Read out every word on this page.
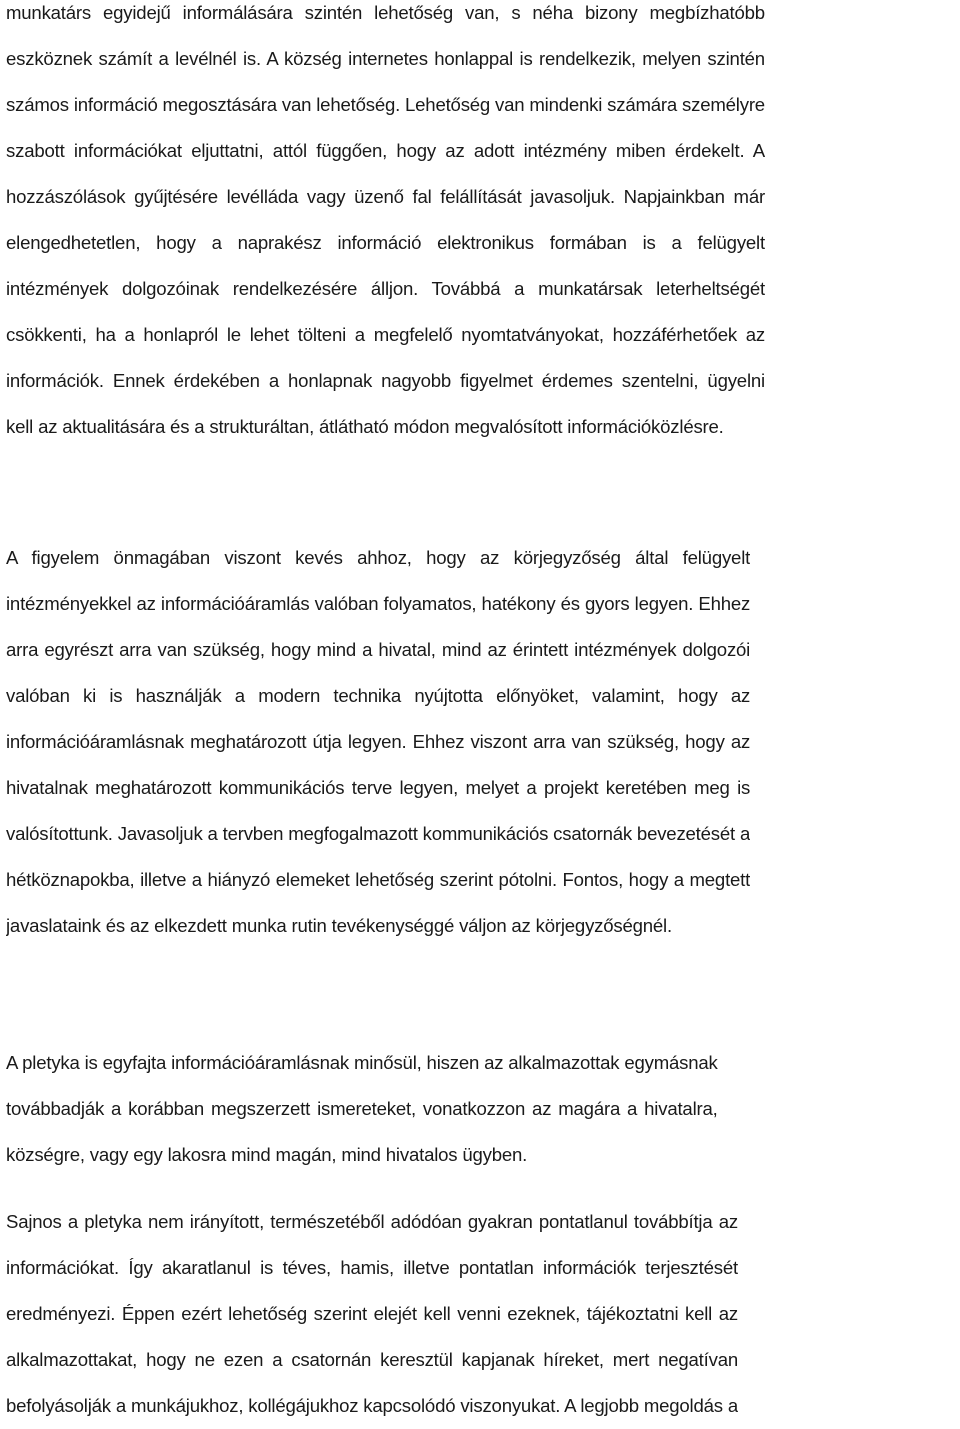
munkatárs egyidejű informálására szintén lehetőség van, s néha bizony megbízhatóbb
eszköznek számít a levélnél is. A község internetes honlappal is rendelkezik, melyen szintén
számos információ megosztására van lehetőség. Lehetőség van mindenki számára személyre
szabott információkat eljuttatni, attól függően, hogy az adott intézmény miben érdekelt. A
hozzászólások gyűjtésére levélláda vagy üzenő fal felállítását javasoljuk. Napjainkban már
elengedhetetlen, hogy a naprakész információ elektronikus formában is a felügyelt
intézmények dolgozóinak rendelkezésére álljon. Továbbá a munkatársak leterheltségét
csökkenti, ha a honlapról le lehet tölteni a megfelelő nyomtatványokat, hozzáférhetőek az
információk. Ennek érdekében a honlapnak nagyobb figyelmet érdemes szentelni, ügyelni
kell az aktualitására és a strukturáltan, átlátható módon megvalósított információközlésre.
A figyelem önmagában viszont kevés ahhoz, hogy az körjegyzőség által felügyelt
intézményekkel az információáramlás valóban folyamatos, hatékony és gyors legyen. Ehhez
arra egyrészt arra van szükség, hogy mind a hivatal, mind az érintett intézmények dolgozói
valóban ki is használják a modern technika nyújtotta előnyöket, valamint, hogy az
információáramlásnak meghatározott útja legyen. Ehhez viszont arra van szükség, hogy az
hivatalnak meghatározott kommunikációs terve legyen, melyet a projekt keretében meg is
valósítottunk. Javasoljuk a tervben megfogalmazott kommunikációs csatornák bevezetését a
hétköznapokba, illetve a hiányzó elemeket lehetőség szerint pótolni. Fontos, hogy a megtett
javaslataink és az elkezdett munka rutin tevékenységgé váljon az körjegyzőségnél.
A pletyka is egyfajta információáramlásnak minősül, hiszen az alkalmazottak egymásnak
továbbadják a korábban megszerzett ismereteket, vonatkozzon az magára a hivatalra,
községre, vagy egy lakosra mind magán, mind hivatalos ügyben.
Sajnos a pletyka nem irányított, természetéből adódóan gyakran pontatlanul továbbítja az
információkat. Így akaratlanul is téves, hamis, illetve pontatlan információk terjesztését
eredményezi. Éppen ezért lehetőség szerint elejét kell venni ezeknek, tájékoztatni kell az
alkalmazottakat, hogy ne ezen a csatornán keresztül kapjanak híreket, mert negatívan
befolyásolják a munkájukhoz, kollégájukhoz kapcsolódó viszonyukat. A legjobb megoldás a
